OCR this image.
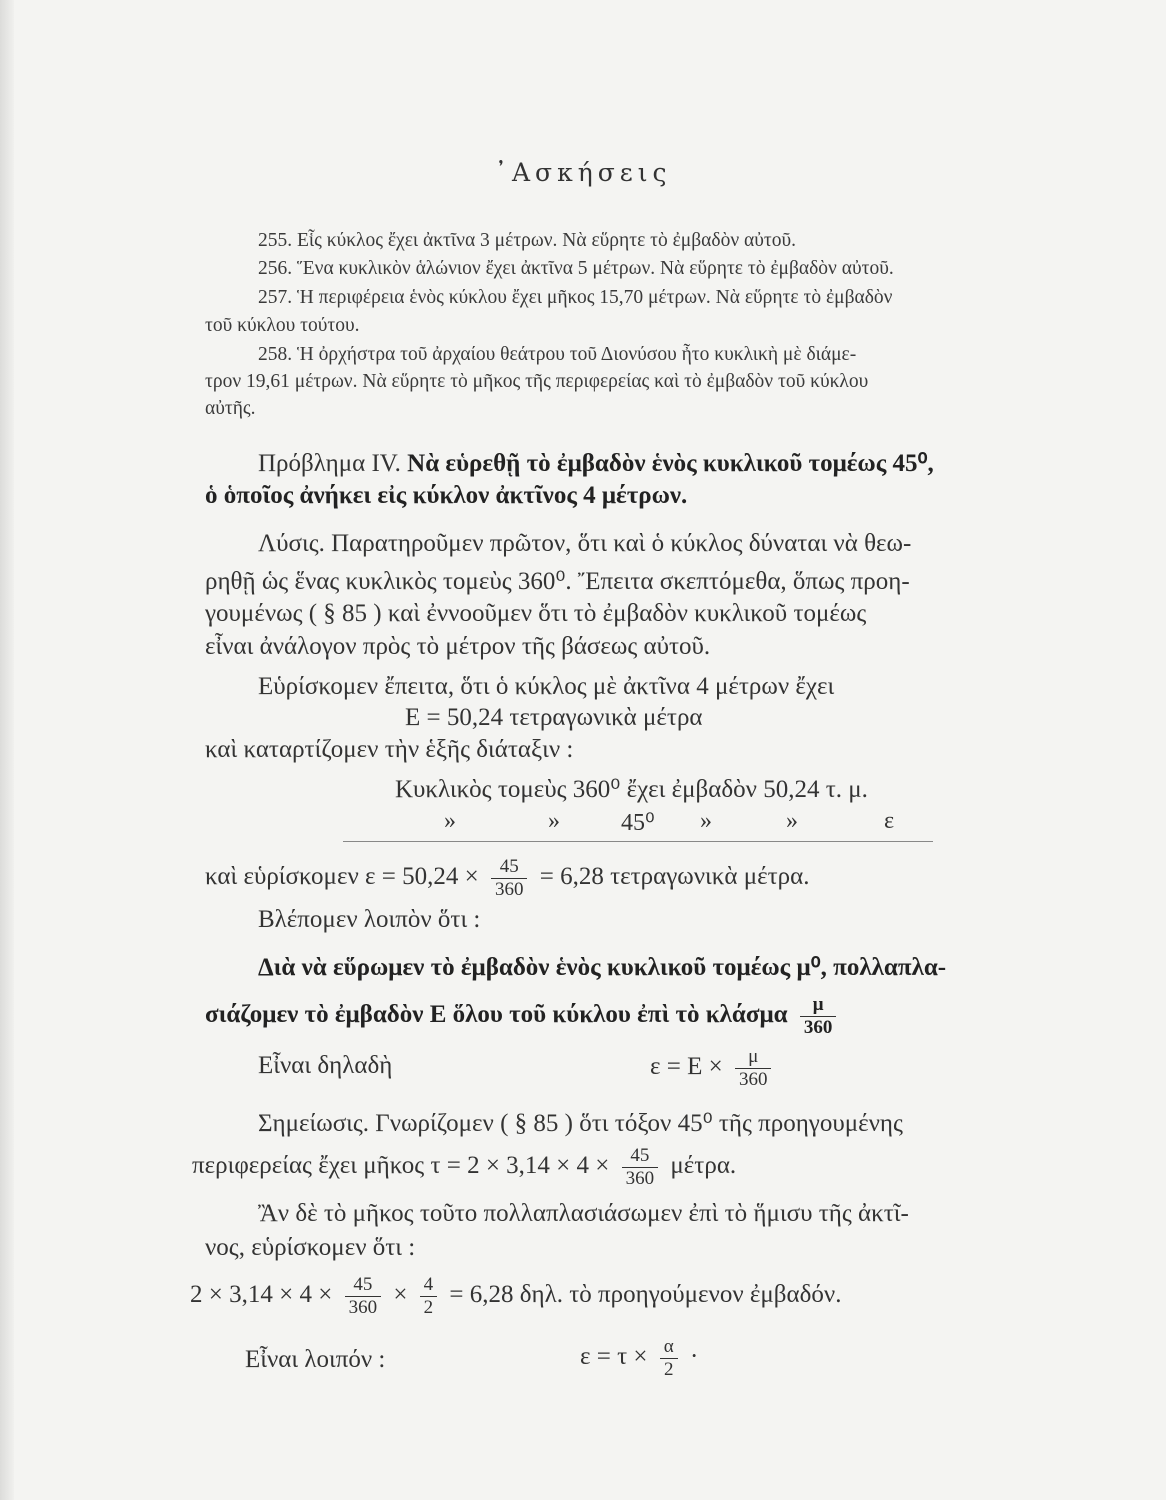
᾽Ασκήσεις
255. Εἷς κύκλος ἔχει ἀκτῖνα 3 μέτρων. Νὰ εὕρητε τὸ ἐμβαδὸν αὐτοῦ.
256. Ἕνα κυκλικὸν ἁλώνιον ἔχει ἀκτῖνα 5 μέτρων. Νὰ εὕρητε τὸ ἐμβαδὸν αὐτοῦ.
257. Ἡ περιφέρεια ἑνὸς κύκλου ἔχει μῆκος 15,70 μέτρων. Νὰ εὕρητε τὸ ἐμβαδὸν
τοῦ κύκλου τούτου.
258. Ἡ ὀρχήστρα τοῦ ἀρχαίου θεάτρου τοῦ Διονύσου ἦτο κυκλικὴ μὲ διάμε-
τρον 19,61 μέτρων. Νὰ εὕρητε τὸ μῆκος τῆς περιφερείας καὶ τὸ ἐμβαδὸν τοῦ κύκλου
αὐτῆς.
Πρόβλημα IV. Νὰ εὑρεθῇ τὸ ἐμβαδὸν ἑνὸς κυκλικοῦ τομέως 45⁰,
ὁ ὁποῖος ἀνήκει εἰς κύκλον ἀκτῖνος 4 μέτρων.
Λύσις. Παρατηροῦμεν πρῶτον, ὅτι καὶ ὁ κύκλος δύναται νὰ θεω-
ρηθῇ ὡς ἕνας κυκλικὸς τομεὺς 360⁰. Ἔπειτα σκεπτόμεθα, ὅπως προη-
γουμένως ( § 85 ) καὶ ἐννοοῦμεν ὅτι τὸ ἐμβαδὸν κυκλικοῦ τομέως
εἶναι ἀνάλογον πρὸς τὸ μέτρον τῆς βάσεως αὐτοῦ.
Εὑρίσκομεν ἔπειτα, ὅτι ὁ κύκλος μὲ ἀκτῖνα 4 μέτρων ἔχει
Ε = 50,24 τετραγωνικὰ μέτρα
καὶ καταρτίζομεν τὴν ἑξῆς διάταξιν :
Κυκλικὸς τομεὺς 360⁰ ἔχει ἐμβαδὸν 50,24 τ. μ.
»	»	45⁰ »	»	ε
καὶ εὑρίσκομεν $\varepsilon = 50,24 \times \frac{45}{360} = 6,28$ τετραγωνικὰ μέτρα.
Βλέπομεν λοιπὸν ὅτι :
Διὰ νὰ εὕρωμεν τὸ ἐμβαδὸν ἑνὸς κυκλικοῦ τομέως μ⁰, πολλαπλα-
σιάζομεν τὸ ἐμβαδὸν Ε ὅλου τοῦ κύκλου ἐπὶ τὸ κλάσμα $\frac{\mu}{360}$
Εἶναι δηλαδὴ	$\varepsilon = E \times \frac{\mu}{360}$
Σημείωσις. Γνωρίζομεν ( § 85 ) ὅτι τόξον 45⁰ τῆς προηγουμένης
περιφερείας ἔχει μῆκος $\tau = 2 \times 3,14 \times 4 \times \frac{45}{360} \mu έ\tau\rho\alpha$.
Ἂν δὲ τὸ μῆκος τοῦτο πολλαπλασιάσωμεν ἐπὶ τὸ ἥμισυ τῆς ἀκτῖ-
νος, εὑρίσκομεν ὅτι :
$2 \times 3,14 \times 4 \times \frac{45}{360} \times \frac{4}{2} = 6,28$ δηλ. τὸ προηγούμενον ἐμβαδόν.
Εἶναι λοιπόν :	$\varepsilon = \tau \times \frac{\alpha}{2}$ ·
